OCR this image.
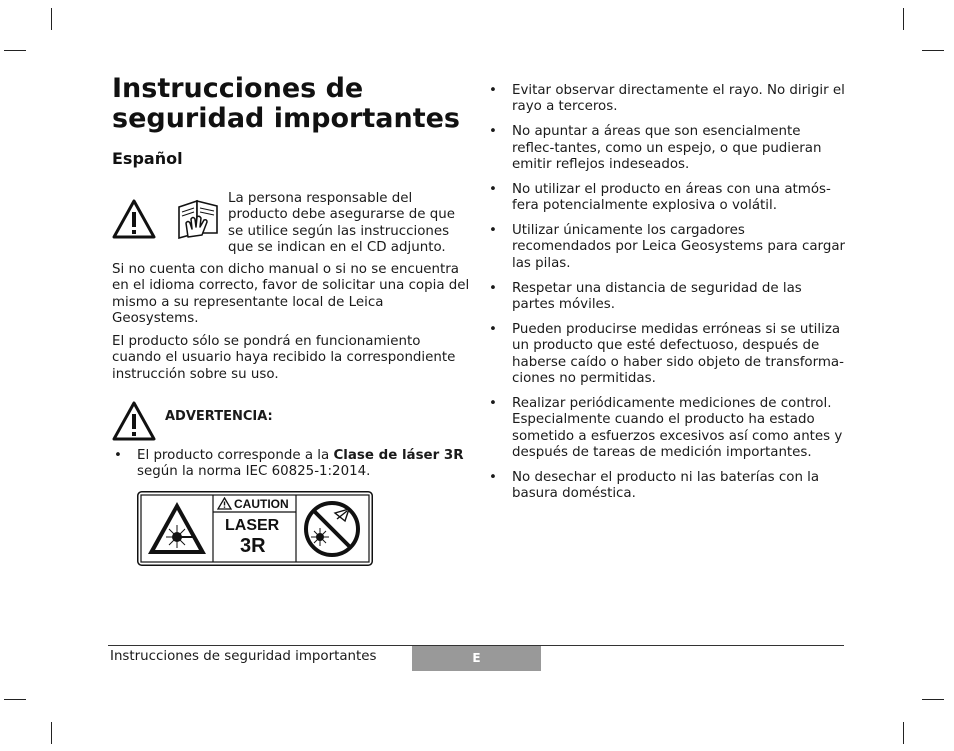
Instrucciones de seguridad importantes
Español
La persona responsable del producto debe asegurarse de que se utilice según las instrucciones que se indican en el CD adjunto.
Si no cuenta con dicho manual o si no se encuentra en el idioma correcto, favor de solicitar una copia del mismo a su representante local de Leica Geosystems.
El producto sólo se pondrá en funcionamiento cuando el usuario haya recibido la correspondiente instrucción sobre su uso.
ADVERTENCIA:
• El producto corresponde a la Clase de láser 3R según la norma IEC 60825-1:2014.
CAUTION
LASER
3R
• Evitar observar directamente el rayo. No dirigir el rayo a terceros.
• No apuntar a áreas que son esencialmente reflec-tantes, como un espejo, o que pudieran emitir reflejos indeseados.
• No utilizar el producto en áreas con una atmós-fera potencialmente explosiva o volátil.
• Utilizar únicamente los cargadores recomendados por Leica Geosystems para cargar las pilas.
• Respetar una distancia de seguridad de las partes móviles.
• Pueden producirse medidas erróneas si se utiliza un producto que esté defectuoso, después de haberse caído o haber sido objeto de transforma-ciones no permitidas.
• Realizar periódicamente mediciones de control. Especialmente cuando el producto ha estado sometido a esfuerzos excesivos así como antes y después de tareas de medición importantes.
• No desechar el producto ni las baterías con la basura doméstica.
Instrucciones de seguridad importantes	E
